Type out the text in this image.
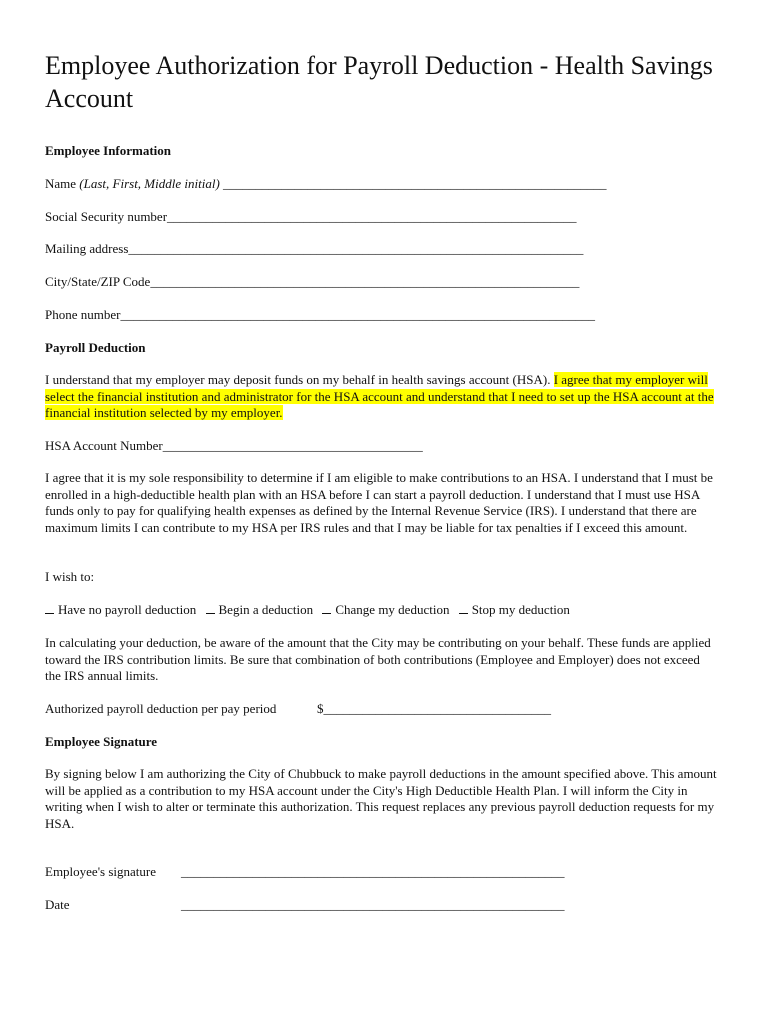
Employee Authorization for Payroll Deduction - Health Savings Account
Employee Information
Name (Last, First, Middle initial) ___________________________________________________________
Social Security number_______________________________________________________________
Mailing address______________________________________________________________________
City/State/ZIP Code__________________________________________________________________
Phone number_________________________________________________________________________
Payroll Deduction
I understand that my employer may deposit funds on my behalf in health savings account (HSA). I agree that my employer will select the financial institution and administrator for the HSA account and understand that I need to set up the HSA account at the financial institution selected by my employer.
HSA Account Number________________________________________
I agree that it is my sole responsibility to determine if I am eligible to make contributions to an HSA. I understand that I must be enrolled in a high-deductible health plan with an HSA before I can start a payroll deduction. I understand that I must use HSA funds only to pay for qualifying health expenses as defined by the Internal Revenue Service (IRS). I understand that there are maximum limits I can contribute to my HSA per IRS rules and that I may be liable for tax penalties if I exceed this amount.
I wish to:
Have no payroll deduction Begin a deduction Change my deduction Stop my deduction
In calculating your deduction, be aware of the amount that the City may be contributing on your behalf. These funds are applied toward the IRS contribution limits. Be sure that combination of both contributions (Employee and Employer) does not exceed the IRS annual limits.
Authorized payroll deduction per pay period	$___________________________________
Employee Signature
By signing below I am authorizing the City of Chubbuck to make payroll deductions in the amount specified above. This amount will be applied as a contribution to my HSA account under the City's High Deductible Health Plan. I will inform the City in writing when I wish to alter or terminate this authorization. This request replaces any previous payroll deduction requests for my HSA.
Employee's signature ___________________________________________________________
Date	___________________________________________________________
